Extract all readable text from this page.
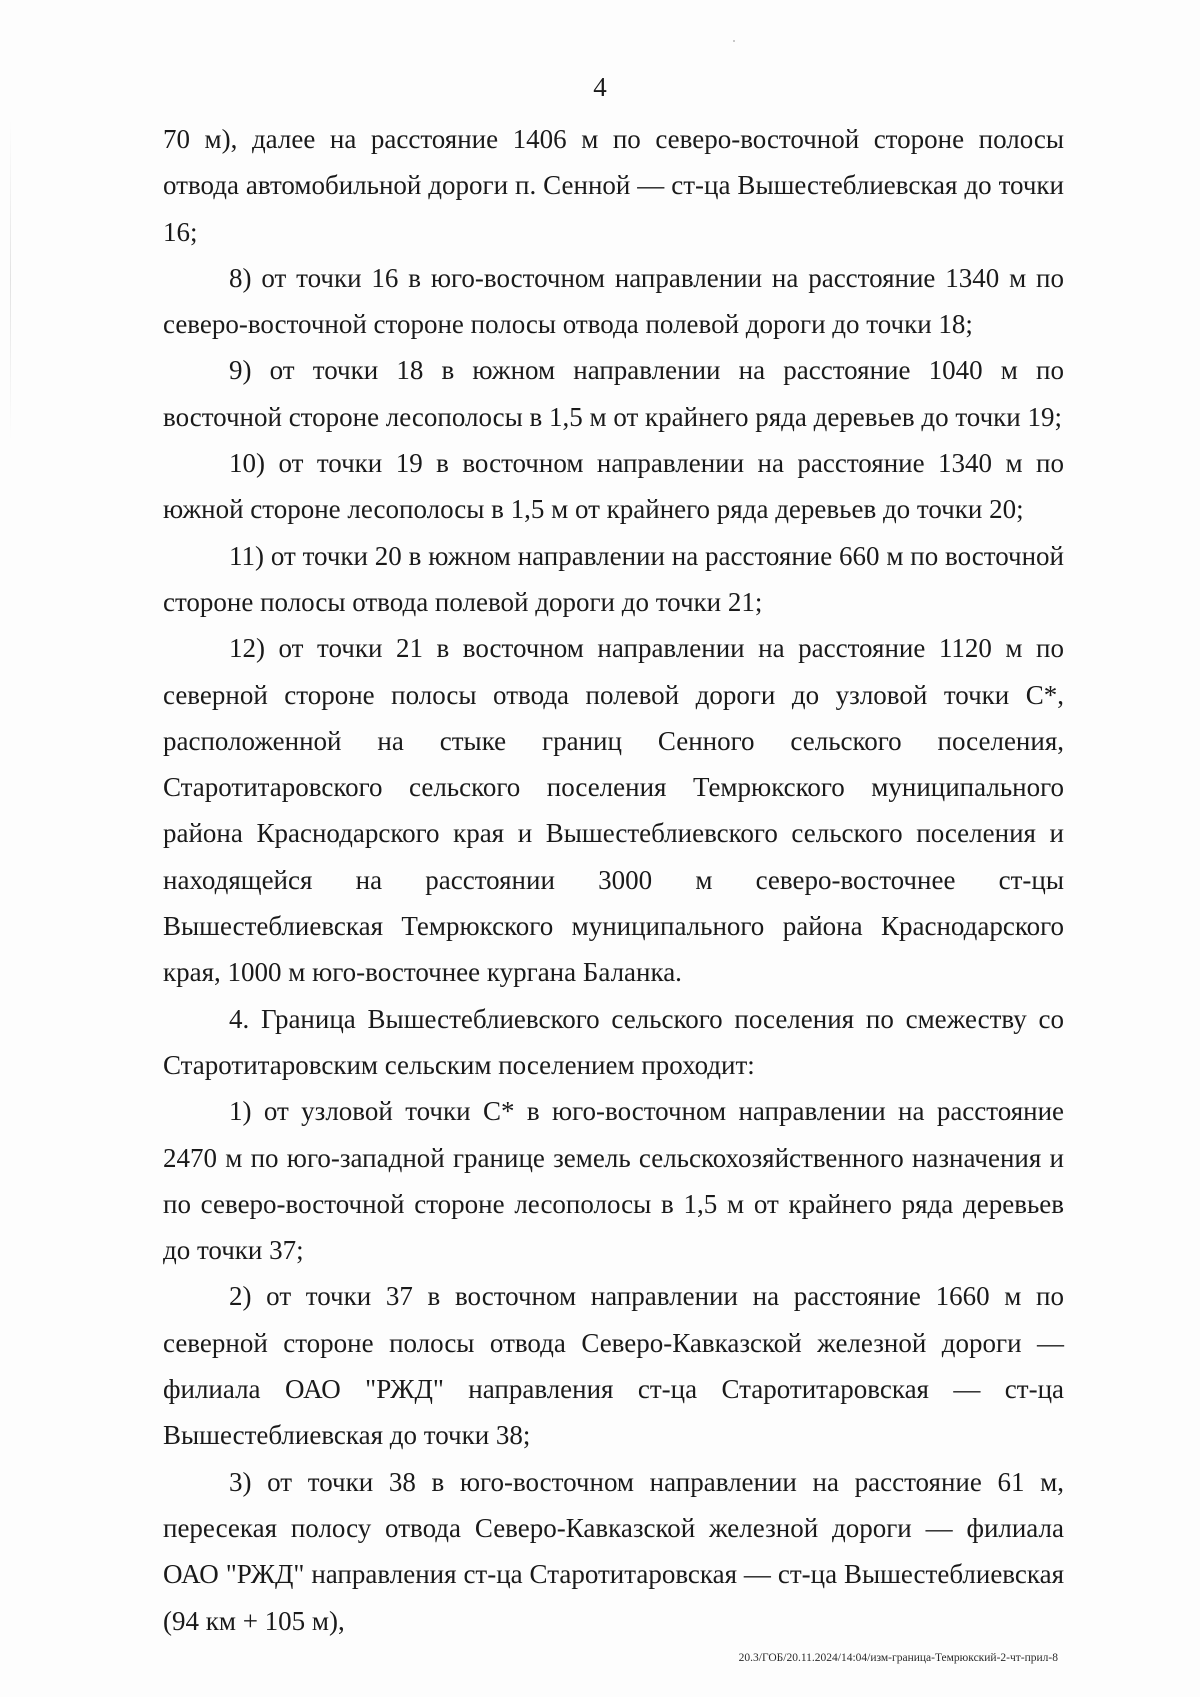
4

70 м), далее на расстояние 1406 м по северо-восточной стороне полосы отвода автомобильной дороги п. Сенной — ст-ца Вышестеблиевская до точки 16;

8) от точки 16 в юго-восточном направлении на расстояние 1340 м по северо-восточной стороне полосы отвода полевой дороги до точки 18;

9) от точки 18 в южном направлении на расстояние 1040 м по восточной стороне лесополосы в 1,5 м от крайнего ряда деревьев до точки 19;

10) от точки 19 в восточном направлении на расстояние 1340 м по южной стороне лесополосы в 1,5 м от крайнего ряда деревьев до точки 20;

11) от точки 20 в южном направлении на расстояние 660 м по восточной стороне полосы отвода полевой дороги до точки 21;

12) от точки 21 в восточном направлении на расстояние 1120 м по северной стороне полосы отвода полевой дороги до узловой точки С*, расположенной на стыке границ Сенного сельского поселения, Старотитаровского сельского поселения Темрюкского муниципального района Краснодарского края и Вышестеблиевского сельского поселения и находящейся на расстоянии 3000 м северо-восточнее ст-цы Вышестеблиевская Темрюкского муниципального района Краснодарского края, 1000 м юго-восточнее кургана Баланка.

4. Граница Вышестеблиевского сельского поселения по смежеству со Старотитаровским сельским поселением проходит:

1) от узловой точки С* в юго-восточном направлении на расстояние 2470 м по юго-западной границе земель сельскохозяйственного назначения и по северо-восточной стороне лесополосы в 1,5 м от крайнего ряда деревьев до точки 37;

2) от точки 37 в восточном направлении на расстояние 1660 м по северной стороне полосы отвода Северо-Кавказской железной дороги — филиала ОАО "РЖД" направления ст-ца Старотитаровская — ст-ца Вышестеблиевская до точки 38;

3) от точки 38 в юго-восточном направлении на расстояние 61 м, пересекая полосу отвода Северо-Кавказской железной дороги — филиала ОАО "РЖД" направления ст-ца Старотитаровская — ст-ца Вышестеблиевская (94 км + 105 м),

20.3/ГОБ/20.11.2024/14:04/изм-граница-Темрюкский-2-чт-прил-8
